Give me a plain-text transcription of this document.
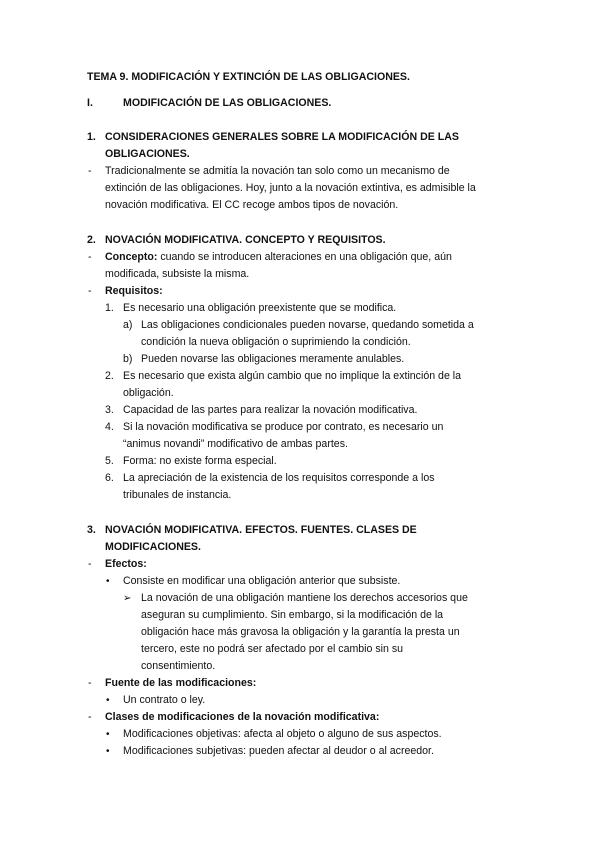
TEMA 9. MODIFICACIÓN Y EXTINCIÓN DE LAS OBLIGACIONES.
I.	MODIFICACIÓN DE LAS OBLIGACIONES.
1. CONSIDERACIONES GENERALES SOBRE LA MODIFICACIÓN DE LAS
OBLIGACIONES.
- Tradicionalmente se admitía la novación tan solo como un mecanismo de
extinción de las obligaciones. Hoy, junto a la novación extintiva, es admisible la
novación modificativa. El CC recoge ambos tipos de novación.
2. NOVACIÓN MODIFICATIVA. CONCEPTO Y REQUISITOS.
- Concepto: cuando se introducen alteraciones en una obligación que, aún
modificada, subsiste la misma.
- Requisitos:
1. Es necesario una obligación preexistente que se modifica.
a) Las obligaciones condicionales pueden novarse, quedando sometida a
condición la nueva obligación o suprimiendo la condición.
b) Pueden novarse las obligaciones meramente anulables.
2. Es necesario que exista algún cambio que no implique la extinción de la
obligación.
3. Capacidad de las partes para realizar la novación modificativa.
4. Si la novación modificativa se produce por contrato, es necesario un
“animus novandi” modificativo de ambas partes.
5. Forma: no existe forma especial.
6. La apreciación de la existencia de los requisitos corresponde a los
tribunales de instancia.
3. NOVACIÓN MODIFICATIVA. EFECTOS. FUENTES. CLASES DE
MODIFICACIONES.
- Efectos:
• Consiste en modificar una obligación anterior que subsiste.
➢ La novación de una obligación mantiene los derechos accesorios que
aseguran su cumplimiento. Sin embargo, si la modificación de la
obligación hace más gravosa la obligación y la garantía la presta un
tercero, este no podrá ser afectado por el cambio sin su
consentimiento.
- Fuente de las modificaciones:
• Un contrato o ley.
- Clases de modificaciones de la novación modificativa:
• Modificaciones objetivas: afecta al objeto o alguno de sus aspectos.
• Modificaciones subjetivas: pueden afectar al deudor o al acreedor.
